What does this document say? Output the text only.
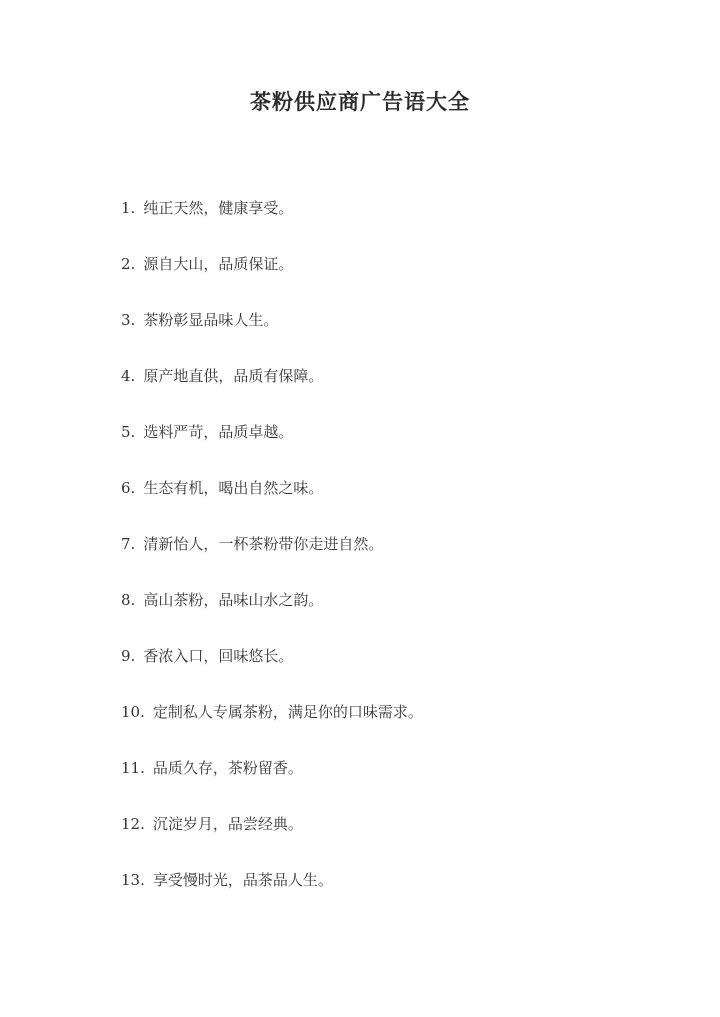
茶粉供应商广告语大全
1. 纯正天然，健康享受。
2. 源自大山，品质保证。
3. 茶粉彰显品味人生。
4. 原产地直供，品质有保障。
5. 选料严苛，品质卓越。
6. 生态有机，喝出自然之味。
7. 清新怡人，一杯茶粉带你走进自然。
8. 高山茶粉，品味山水之韵。
9. 香浓入口，回味悠长。
10. 定制私人专属茶粉，满足你的口味需求。
11. 品质久存，茶粉留香。
12. 沉淀岁月，品尝经典。
13. 享受慢时光，品茶品人生。
